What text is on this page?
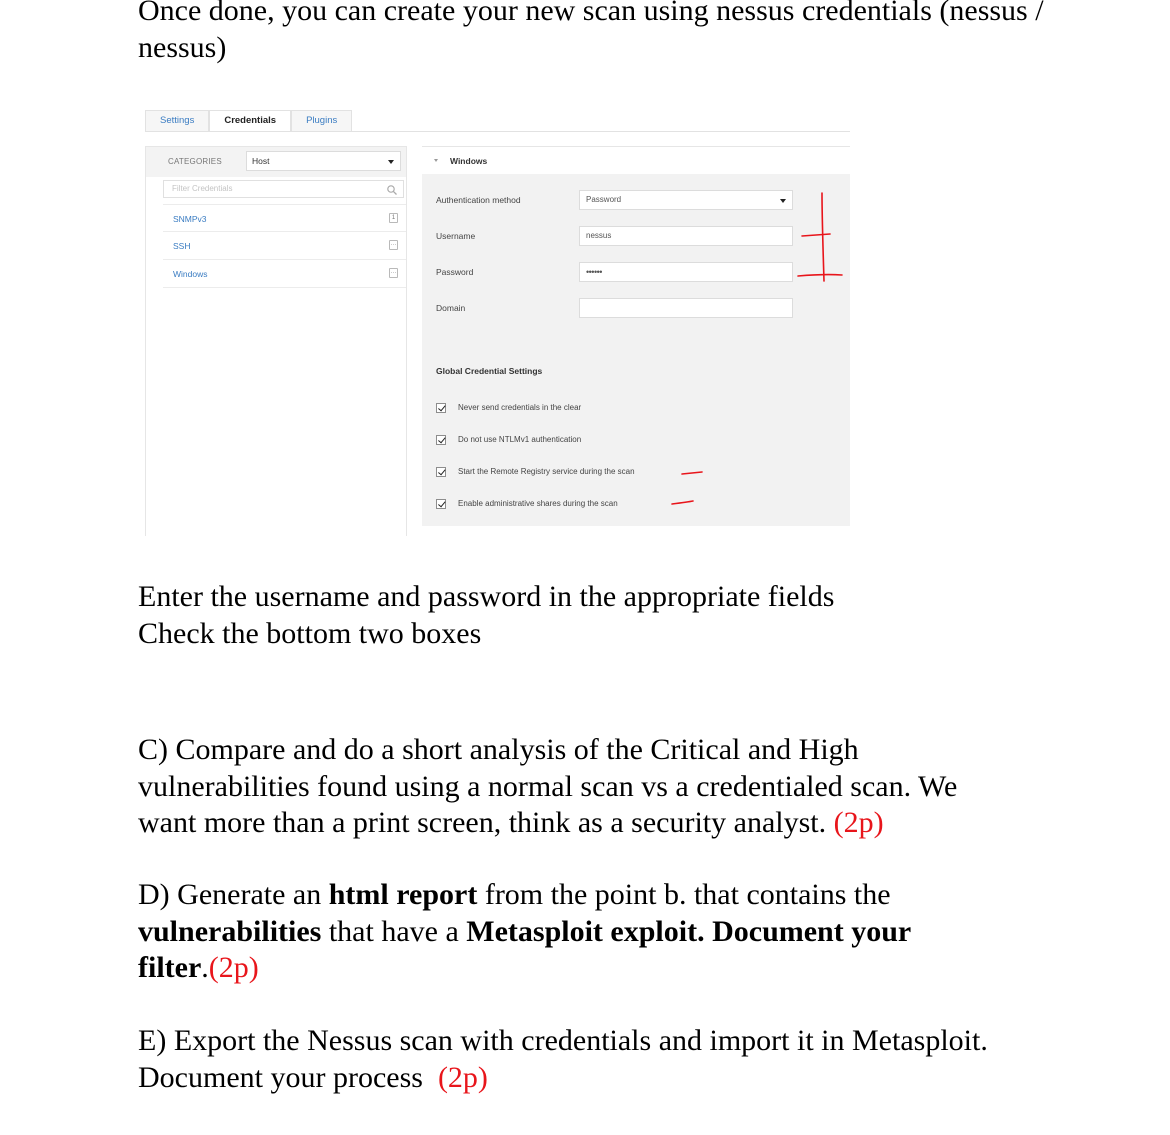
Once done, you can create your new scan using nessus credentials (nessus /
nessus)

Settings	Credentials	Plugins
CATEGORIES	Host
Filter Credentials
SNMPv3	1
SSH	···
Windows	···
Windows
Authentication method	Password
Username	nessus
Password	••••••
Domain
Global Credential Settings
Never send credentials in the clear
Do not use NTLMv1 authentication
Start the Remote Registry service during the scan
Enable administrative shares during the scan

Enter the username and password in the appropriate fields
Check the bottom two boxes

C) Compare and do a short analysis of the Critical and High
vulnerabilities found using a normal scan vs a credentialed scan. We
want more than a print screen, think as a security analyst. (2p)

D) Generate an html report from the point b. that contains the
vulnerabilities that have a Metasploit exploit. Document your
filter.(2p)

E) Export the Nessus scan with credentials and import it in Metasploit.
Document your process (2p)
